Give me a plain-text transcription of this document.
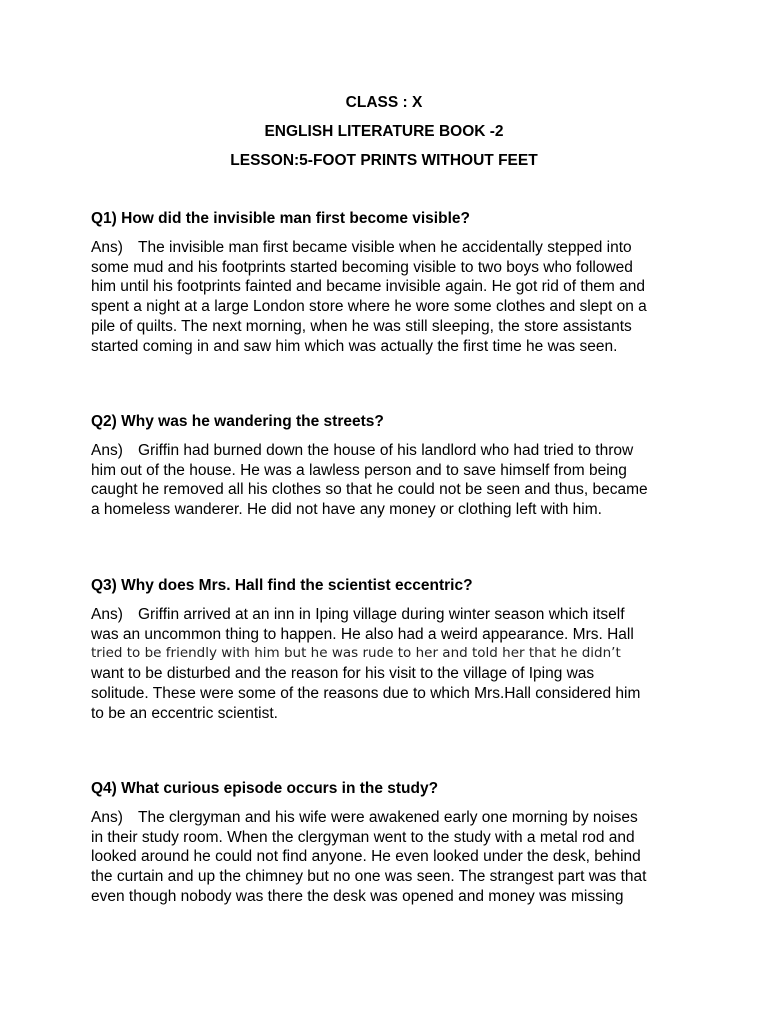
CLASS : X
ENGLISH LITERATURE BOOK -2
LESSON:5-FOOT PRINTS WITHOUT FEET
Q1) How did the invisible man first become visible?
Ans) The invisible man first became visible when he accidentally stepped into
some mud and his footprints started becoming visible to two boys who followed
him until his footprints fainted and became invisible again. He got rid of them and
spent a night at a large London store where he wore some clothes and slept on a
pile of quilts. The next morning, when he was still sleeping, the store assistants
started coming in and saw him which was actually the first time he was seen.
Q2) Why was he wandering the streets?
Ans) Griffin had burned down the house of his landlord who had tried to throw
him out of the house. He was a lawless person and to save himself from being
caught he removed all his clothes so that he could not be seen and thus, became
a homeless wanderer. He did not have any money or clothing left with him.
Q3) Why does Mrs. Hall find the scientist eccentric?
Ans) Griffin arrived at an inn in Iping village during winter season which itself
was an uncommon thing to happen. He also had a weird appearance. Mrs. Hall
tried to be friendly with him but he was rude to her and told her that he didn’t
want to be disturbed and the reason for his visit to the village of Iping was
solitude. These were some of the reasons due to which Mrs.Hall considered him
to be an eccentric scientist.
Q4) What curious episode occurs in the study?
Ans) The clergyman and his wife were awakened early one morning by noises
in their study room. When the clergyman went to the study with a metal rod and
looked around he could not find anyone. He even looked under the desk, behind
the curtain and up the chimney but no one was seen. The strangest part was that
even though nobody was there the desk was opened and money was missing
